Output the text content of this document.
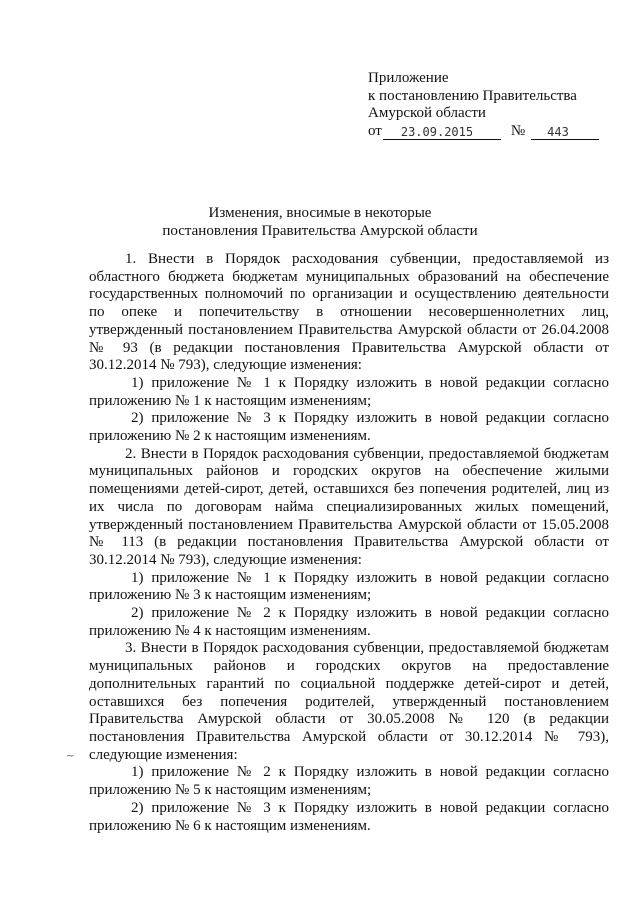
Приложение
к постановлению Правительства
Амурской области
от	23.09.2015	№	443
Изменения, вносимые в некоторые
постановления Правительства Амурской области

1. Внести в Порядок расходования субвенции, предоставляемой из областного бюджета бюджетам муниципальных образований на обеспечение государственных полномочий по организации и осуществлению деятельности по опеке и попечительству в отношении несовершеннолетних лиц, утвержденный постановлением Правительства Амурской области от 26.04.2008 № 93 (в редакции постановления Правительства Амурской области от 30.12.2014 № 793), следующие изменения:

1) приложение № 1 к Порядку изложить в новой редакции согласно приложению № 1 к настоящим изменениям;

2) приложение № 3 к Порядку изложить в новой редакции согласно приложению № 2 к настоящим изменениям.

2. Внести в Порядок расходования субвенции, предоставляемой бюджетам муниципальных районов и городских округов на обеспечение жилыми помещениями детей-сирот, детей, оставшихся без попечения родителей, лиц из их числа по договорам найма специализированных жилых помещений, утвержденный постановлением Правительства Амурской области от 15.05.2008 № 113 (в редакции постановления Правительства Амурской области от 30.12.2014 № 793), следующие изменения:

1) приложение № 1 к Порядку изложить в новой редакции согласно приложению № 3 к настоящим изменениям;

2) приложение № 2 к Порядку изложить в новой редакции согласно приложению № 4 к настоящим изменениям.

3. Внести в Порядок расходования субвенции, предоставляемой бюджетам муниципальных районов и городских округов на предоставление дополнительных гарантий по социальной поддержке детей-сирот и детей, оставшихся без попечения родителей, утвержденный постановлением Правительства Амурской области от 30.05.2008 № 120 (в редакции постановления Правительства Амурской области от 30.12.2014 № 793), следующие изменения:

1) приложение № 2 к Порядку изложить в новой редакции согласно приложению № 5 к настоящим изменениям;

2) приложение № 3 к Порядку изложить в новой редакции согласно приложению № 6 к настоящим изменениям.

~
